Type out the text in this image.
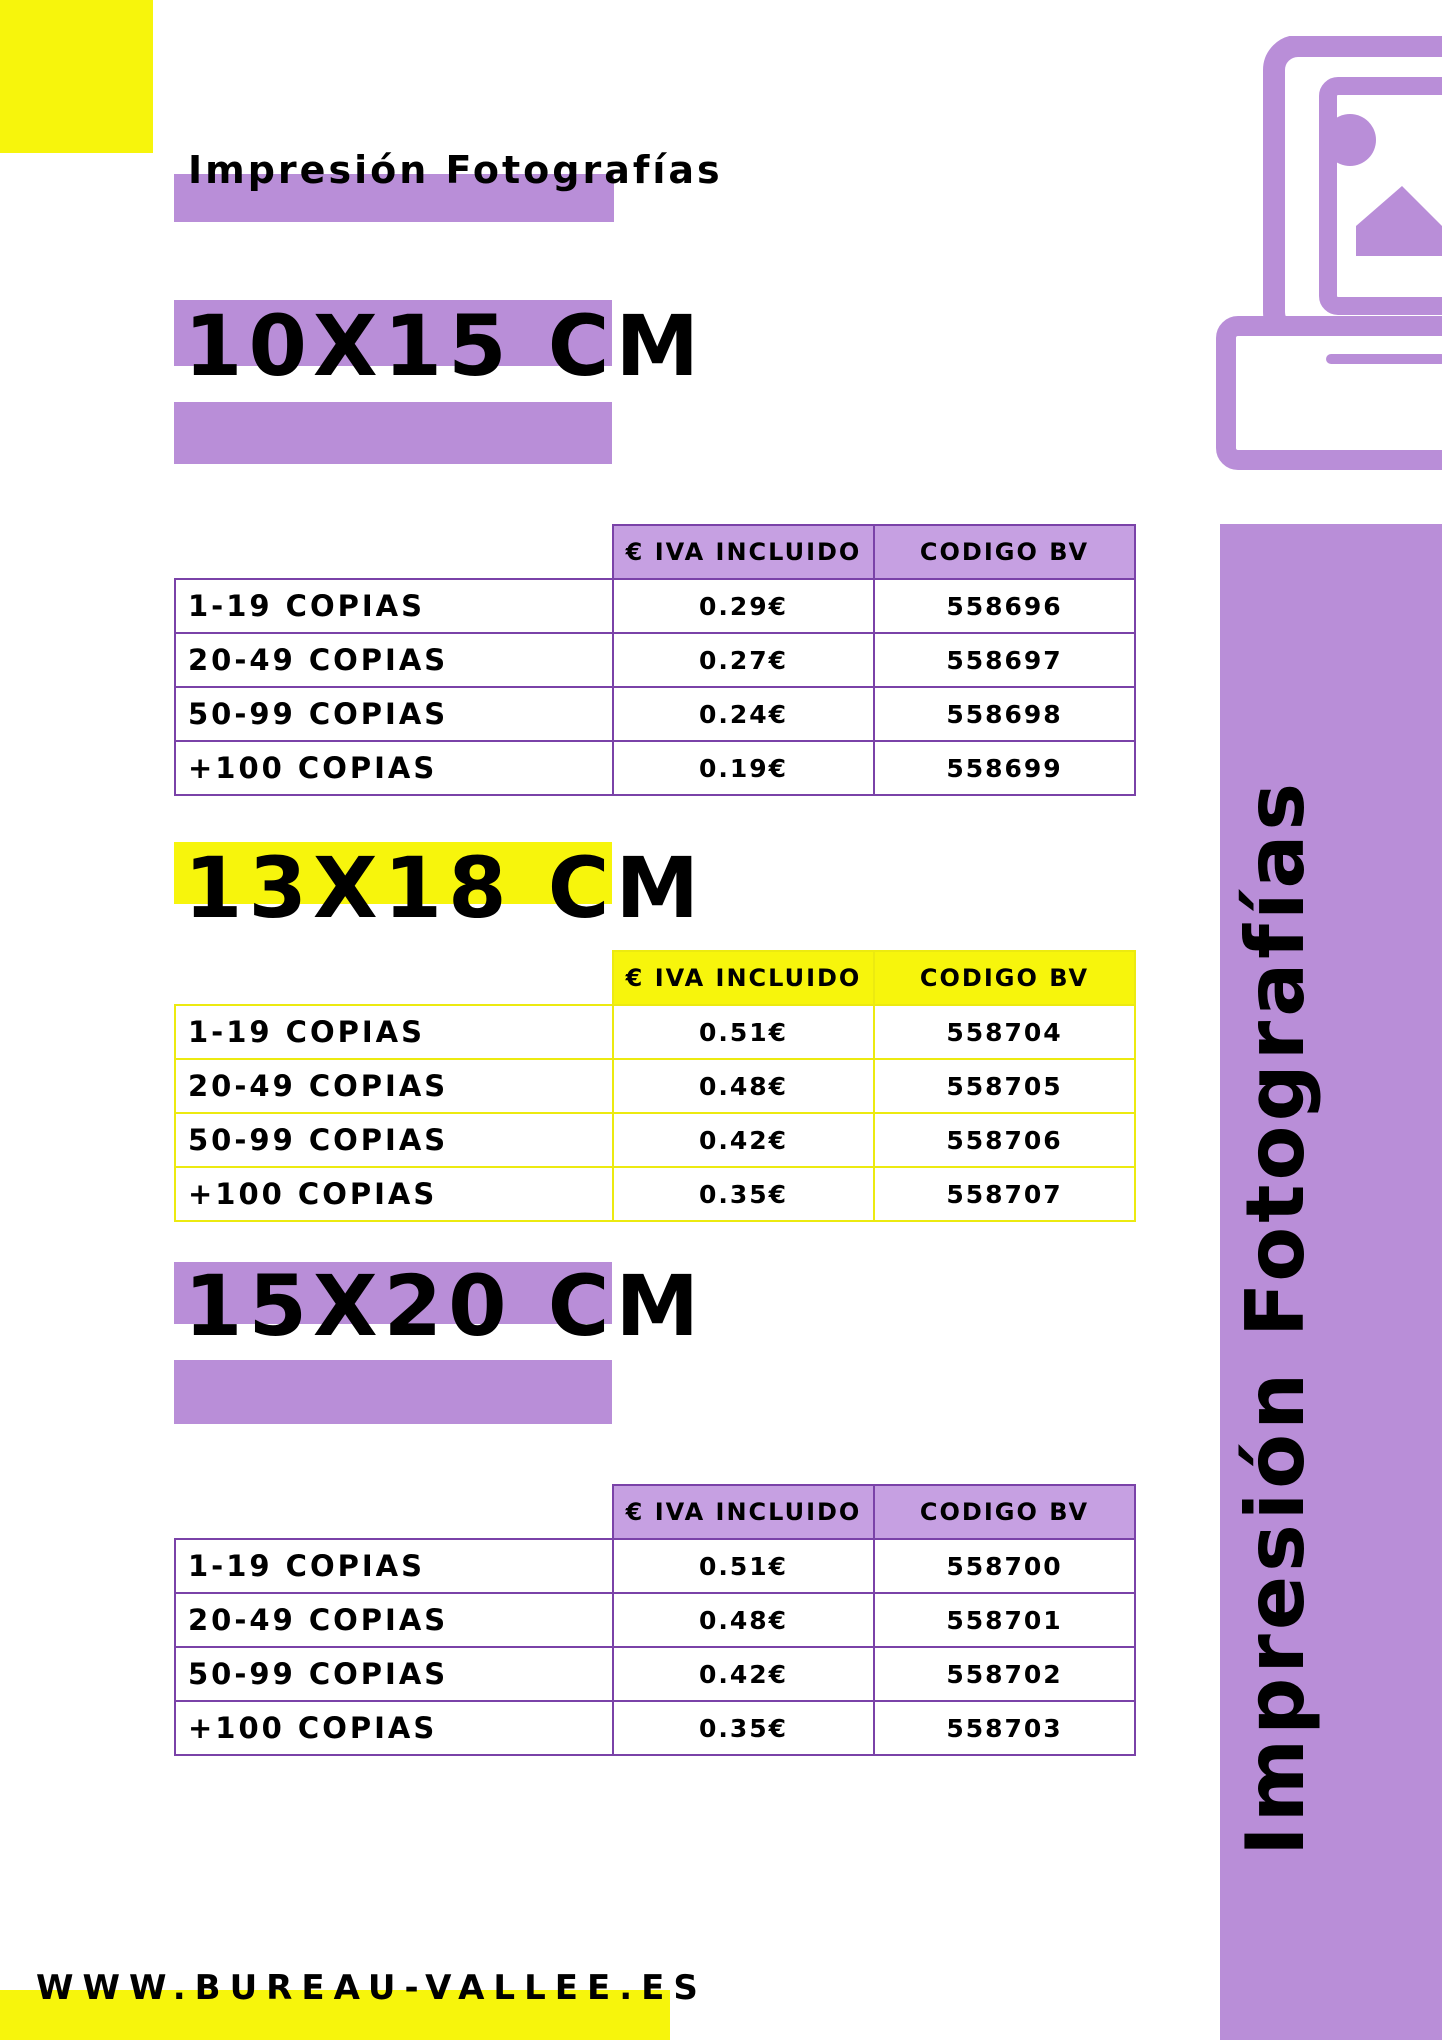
Impresión Fotografías
Impresión Fotografías
10X15 CM
	€ IVA INCLUIDO	CODIGO BV
1-19 COPIAS	0.29€	558696
20-49 COPIAS	0.27€	558697
50-99 COPIAS	0.24€	558698
+100 COPIAS	0.19€	558699
13X18 CM
	€ IVA INCLUIDO	CODIGO BV
1-19 COPIAS	0.51€	558704
20-49 COPIAS	0.48€	558705
50-99 COPIAS	0.42€	558706
+100 COPIAS	0.35€	558707
15X20 CM
	€ IVA INCLUIDO	CODIGO BV
1-19 COPIAS	0.51€	558700
20-49 COPIAS	0.48€	558701
50-99 COPIAS	0.42€	558702
+100 COPIAS	0.35€	558703
WWW.BUREAU-VALLEE.ES
